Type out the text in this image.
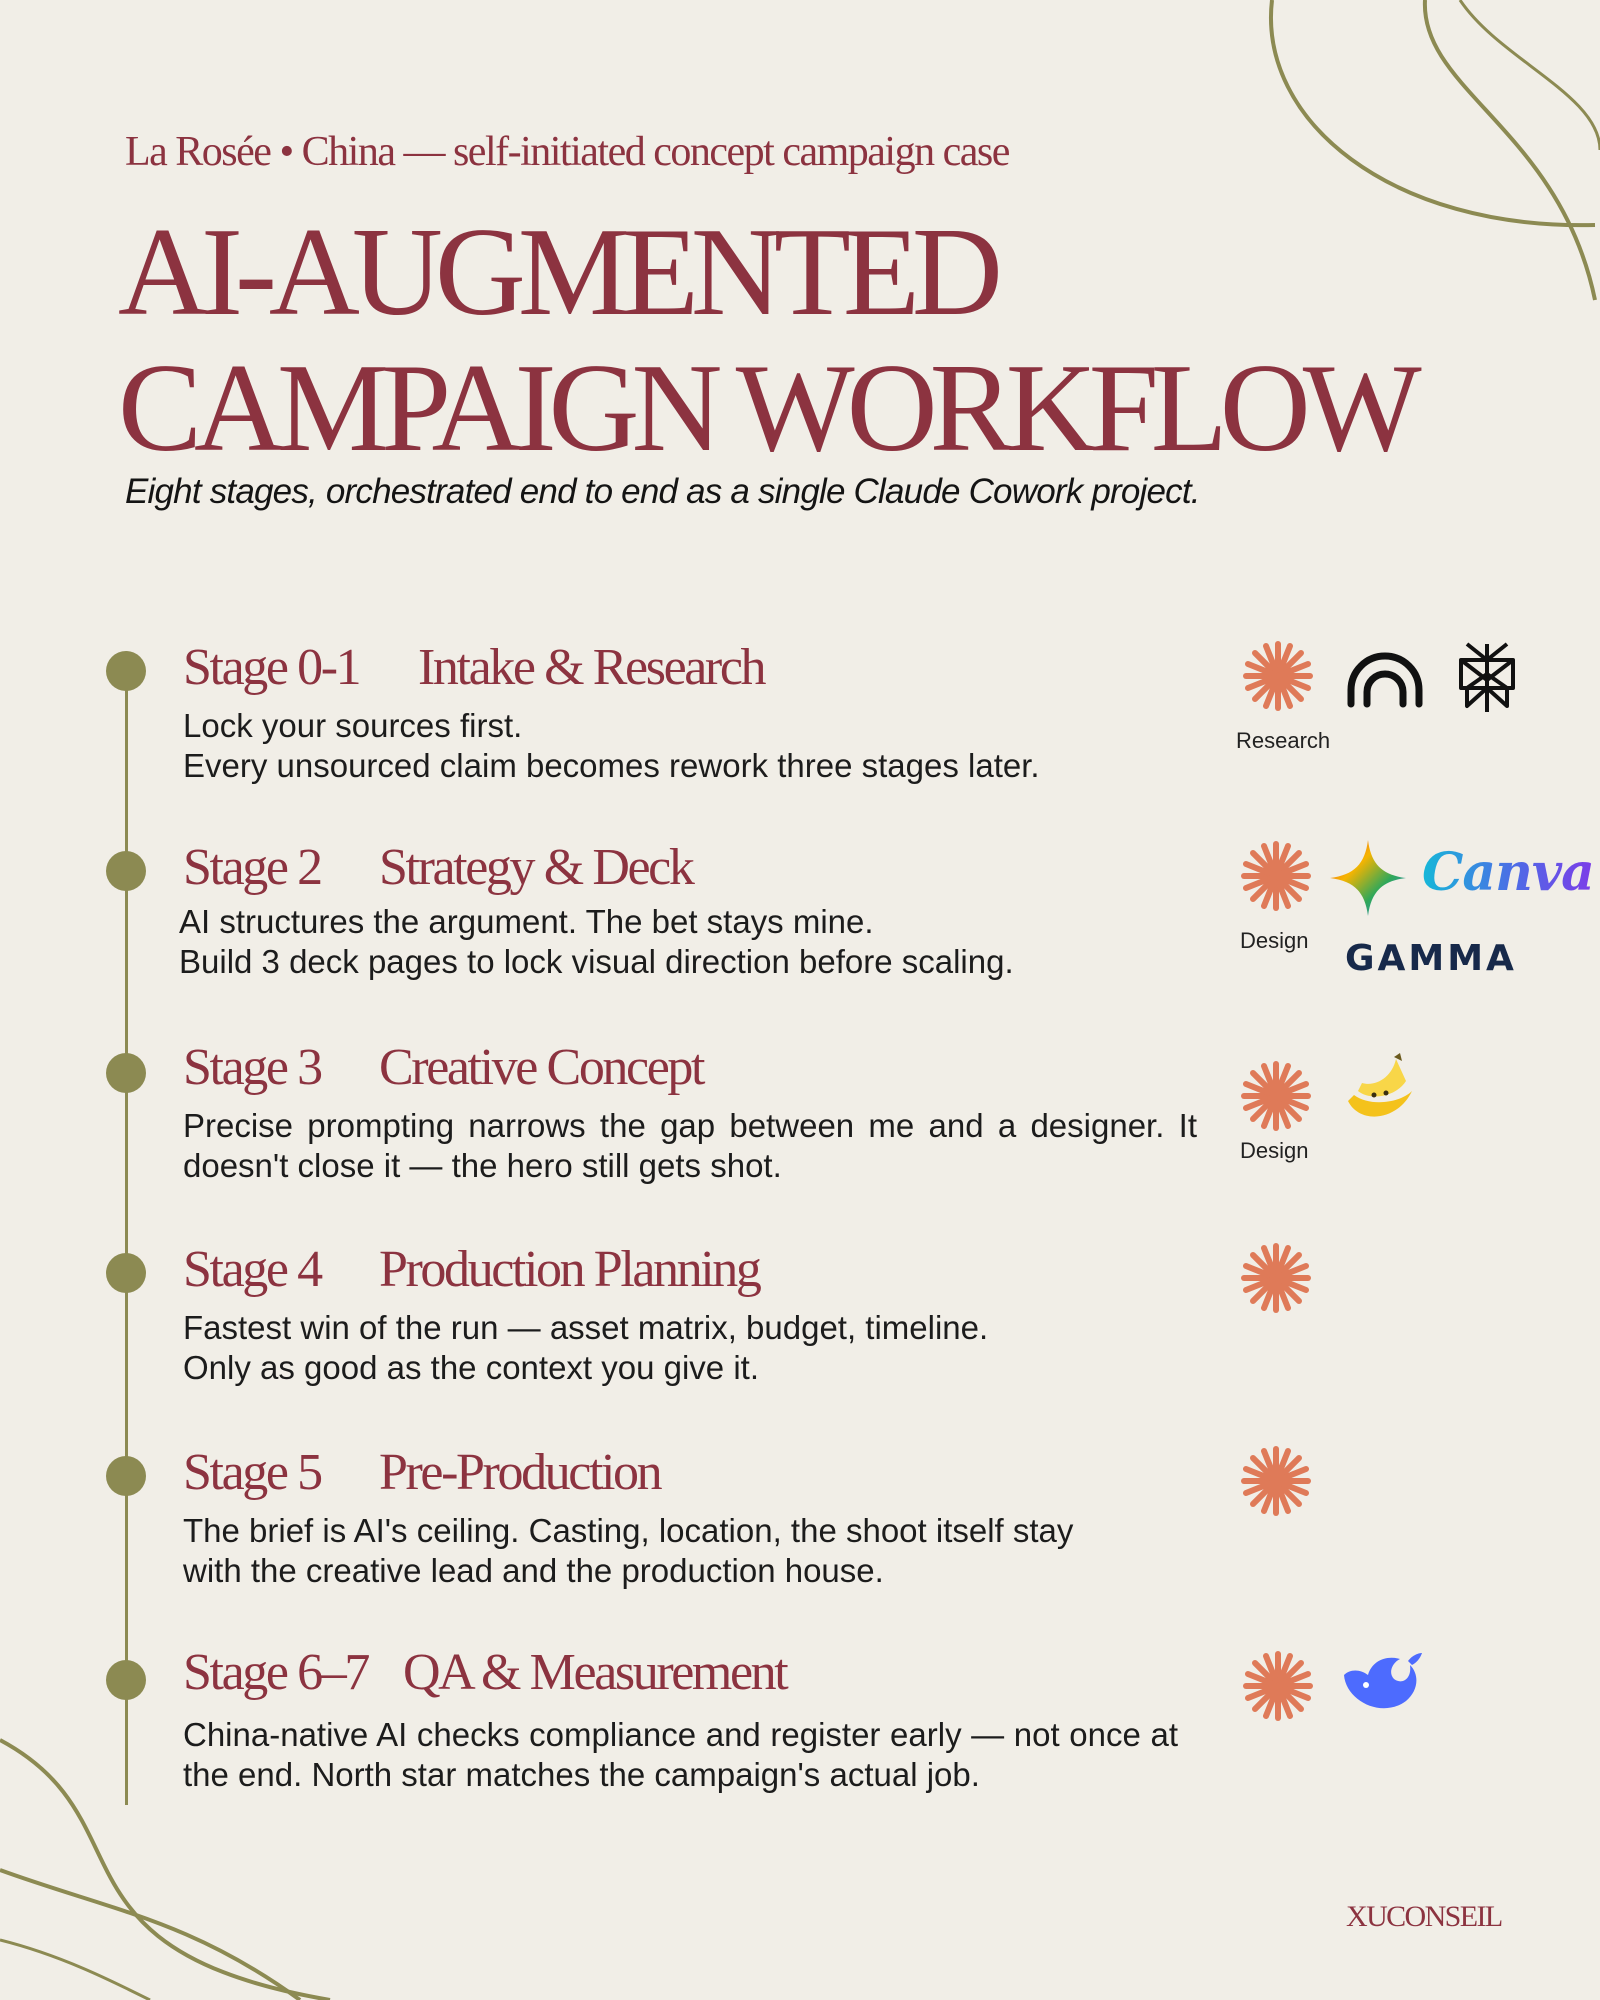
La Rosée • China — self-initiated concept campaign case

AI-AUGMENTED
CAMPAIGN WORKFLOW

Eight stages, orchestrated end to end as a single Claude Cowork project.

Stage 0-1 Intake & Research

Lock your sources first.
Every unsourced claim becomes rework three stages later.

Research
Stage 2 Strategy & Deck

AI structures the argument. The bet stays mine.
Build 3 deck pages to lock visual direction before scaling.

Design
Canva
GAMMA
Stage 3 Creative Concept

Precise prompting narrows the gap between me and a designer. It doesn't close it — the hero still gets shot.	Design
Stage 4 Production Planning

Fastest win of the run — asset matrix, budget, timeline.
Only as good as the context you give it.

Stage 5 Pre-Production

The brief is AI's ceiling. Casting, location, the shoot itself stay
with the creative lead and the production house.

Stage 6–7 QA & Measurement

China-native AI checks compliance and register early — not once at the end. North star matches the campaign's actual job.

XUCONSEIL
